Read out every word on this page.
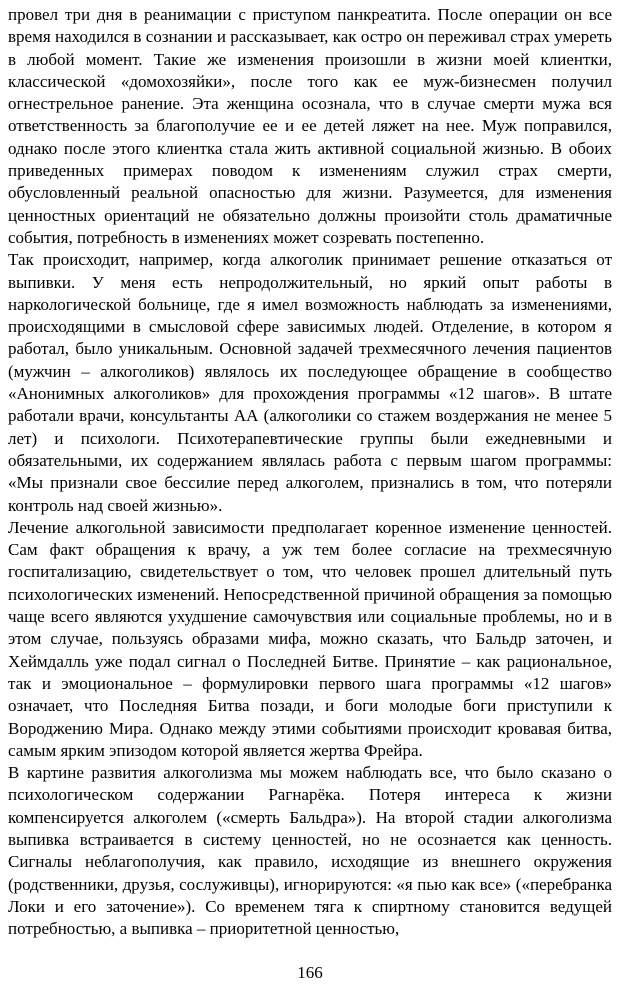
провел три дня в реанимации с приступом панкреатита. После операции он все время находился в сознании и рассказывает, как остро он переживал страх умереть в любой момент. Такие же изменения произошли в жизни моей клиентки, классической «домохозяйки», после того как ее муж-бизнесмен получил огнестрельное ранение. Эта женщина осознала, что в случае смерти мужа вся ответственность за благополучие ее и ее детей ляжет на нее. Муж поправился, однако после этого клиентка стала жить активной социальной жизнью. В обоих приведенных примерах поводом к изменениям служил страх смерти, обусловленный реальной опасностью для жизни. Разумеется, для изменения ценностных ориентаций не обязательно должны произойти столь драматичные события, потребность в изменениях может созревать постепенно.

Так происходит, например, когда алкоголик принимает решение отказаться от выпивки. У меня есть непродолжительный, но яркий опыт работы в наркологической больнице, где я имел возможность наблюдать за изменениями, происходящими в смысловой сфере зависимых людей. Отделение, в котором я работал, было уникальным. Основной задачей трехмесячного лечения пациентов (мужчин – алкоголиков) являлось их последующее обращение в сообщество «Анонимных алкоголиков» для прохождения программы «12 шагов». В штате работали врачи, консультанты АА (алкоголики со стажем воздержания не менее 5 лет) и психологи. Психотерапевтические группы были ежедневными и обязательными, их содержанием являлась работа с первым шагом программы: «Мы признали свое бессилие перед алкоголем, признались в том, что потеряли контроль над своей жизнью».

Лечение алкогольной зависимости предполагает коренное изменение ценностей. Сам факт обращения к врачу, а уж тем более согласие на трехмесячную госпитализацию, свидетельствует о том, что человек прошел длительный путь психологических изменений. Непосредственной причиной обращения за помощью чаще всего являются ухудшение самочувствия или социальные проблемы, но и в этом случае, пользуясь образами мифа, можно сказать, что Бальдр заточен, и Хеймдалль уже подал сигнал о Последней Битве. Принятие – как рациональное, так и эмоциональное – формулировки первого шага программы «12 шагов» означает, что Последняя Битва позади, и боги молодые боги приступили к Вороджению Мира. Однако между этими событиями происходит кровавая битва, самым ярким эпизодом которой является жертва Фрейра.

В картине развития алкоголизма мы можем наблюдать все, что было сказано о психологическом содержании Рагнарёка. Потеря интереса к жизни компенсируется алкоголем («смерть Бальдра»). На второй стадии алкоголизма выпивка встраивается в систему ценностей, но не осознается как ценность. Сигналы неблагополучия, как правило, исходящие из внешнего окружения (родственники, друзья, сослуживцы), игнорируются: «я пью как все» («перебранка Локи и его заточение»). Со временем тяга к спиртному становится ведущей потребностью, а выпивка – приоритетной ценностью,

166
